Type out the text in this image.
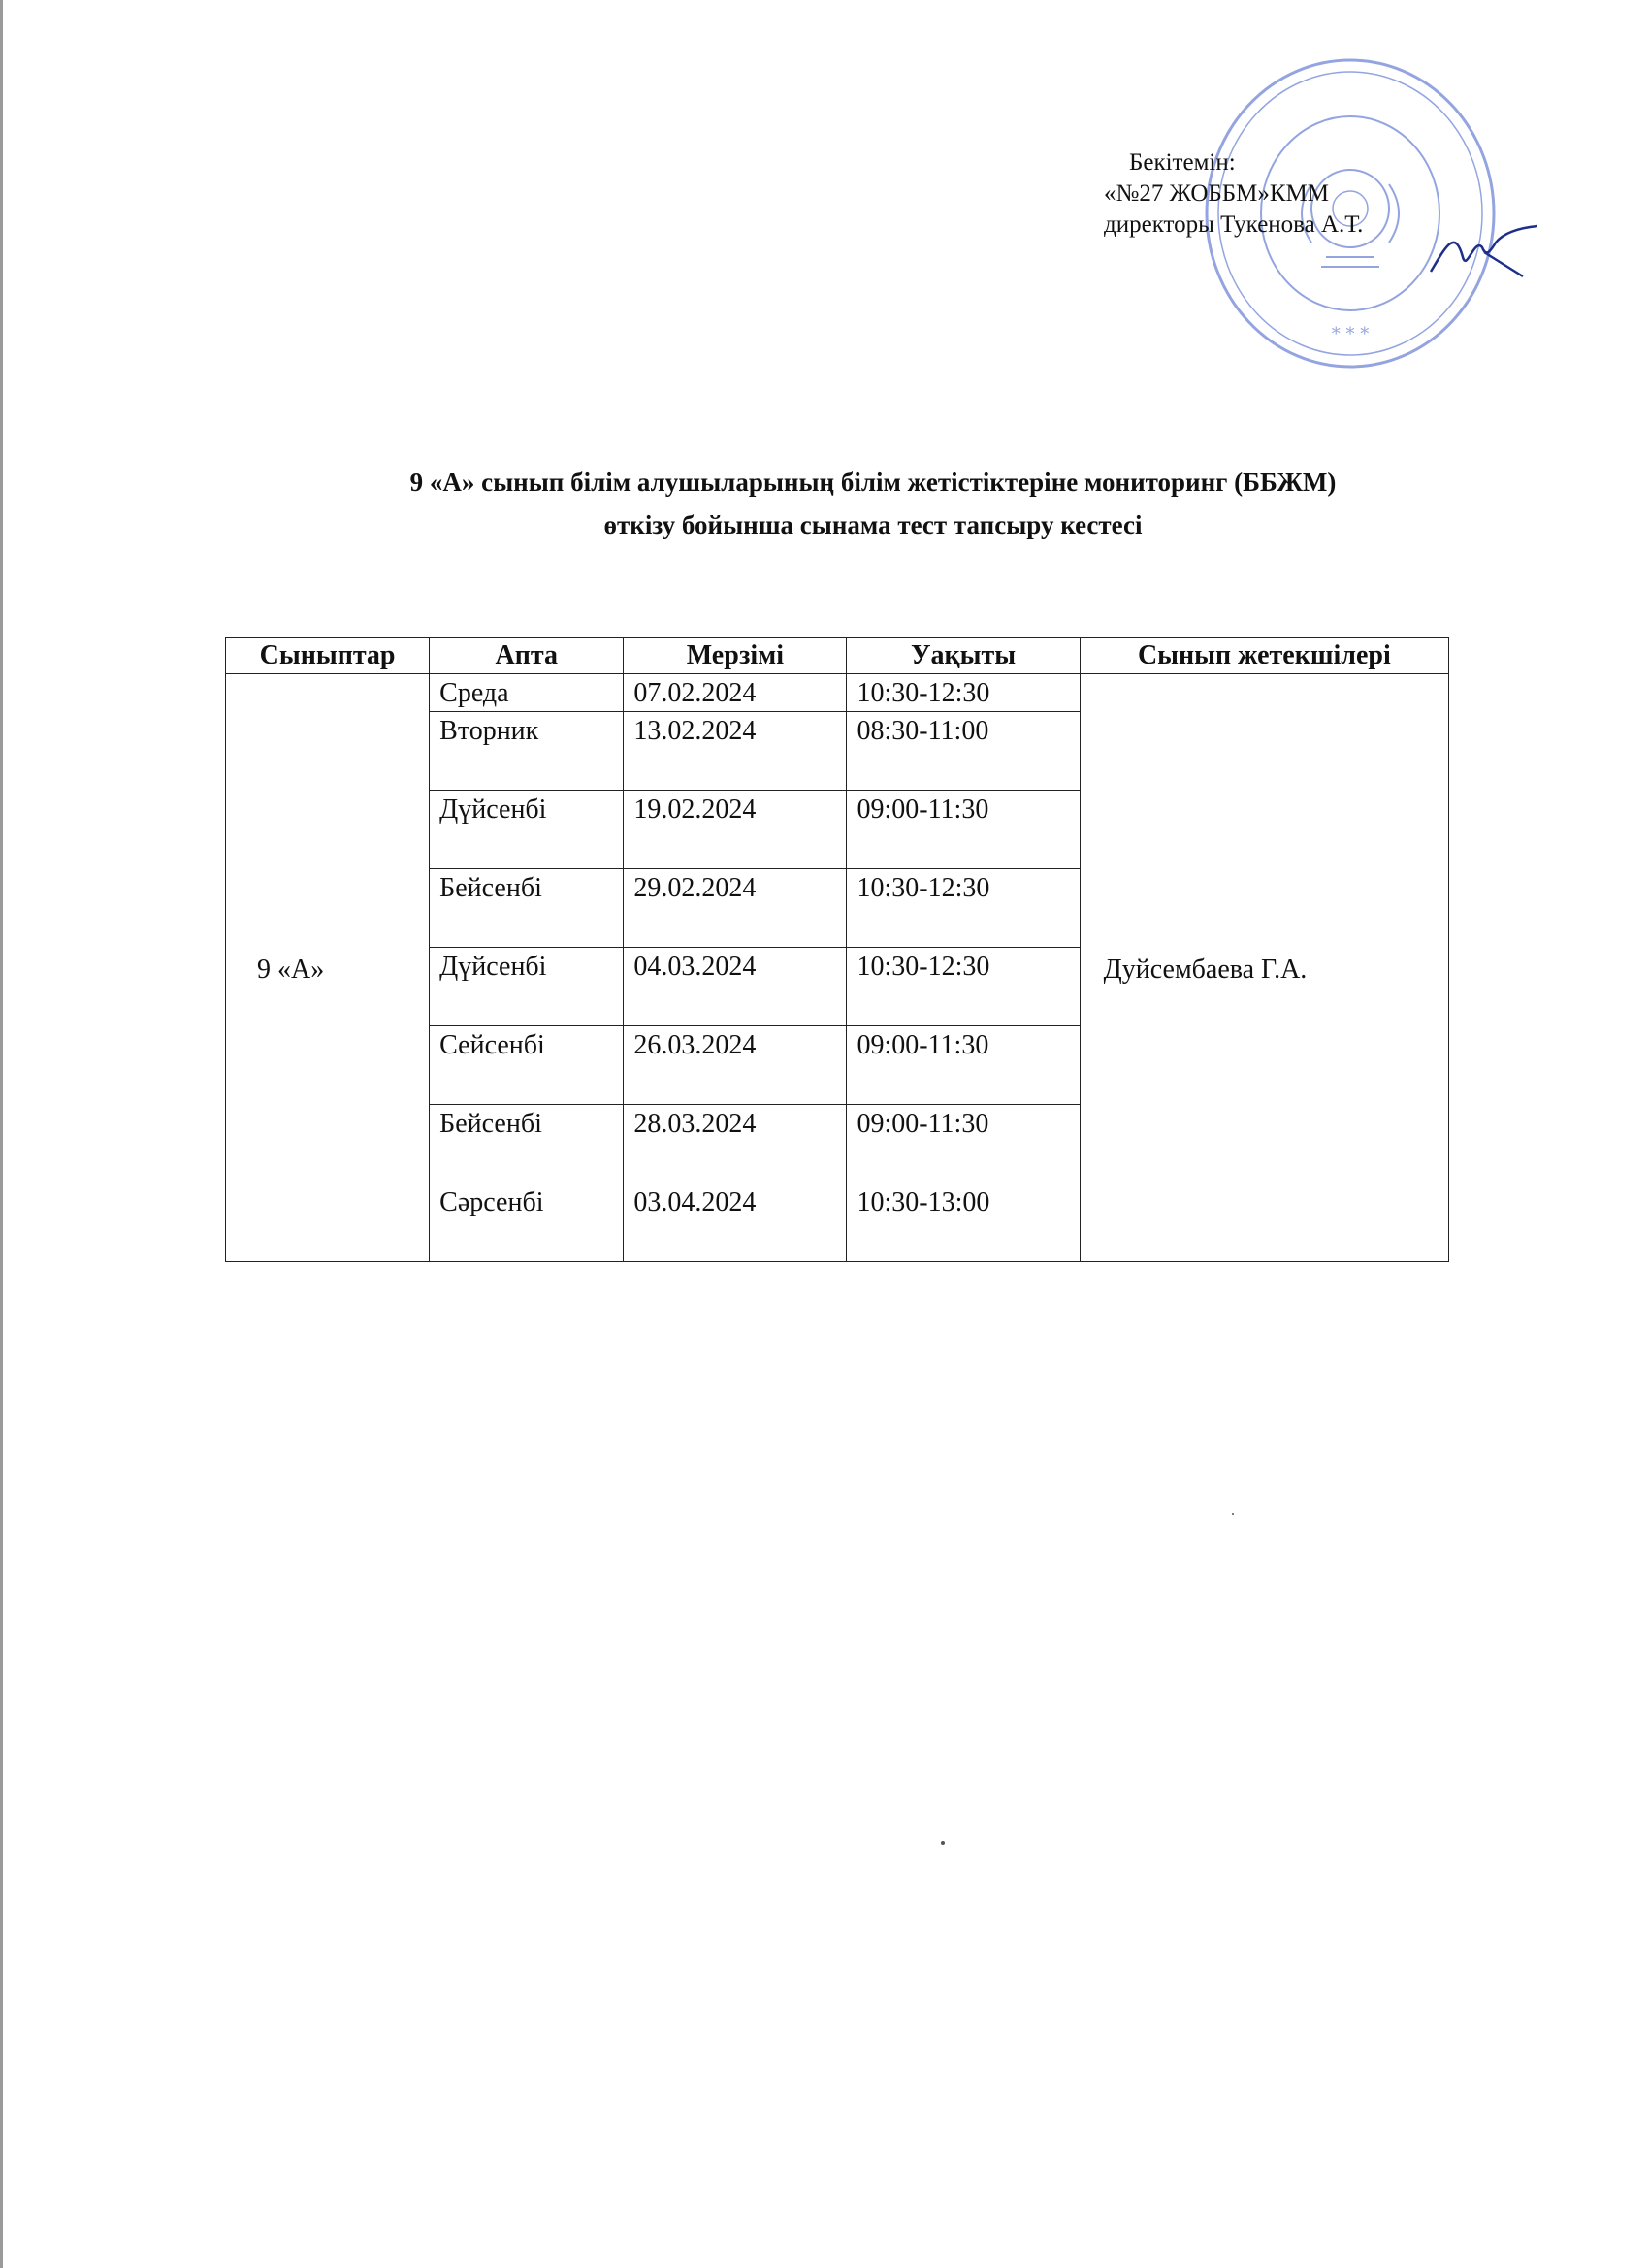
* * *
Бекітемін:
«№27 ЖОББМ»КММ
директоры Тукенова А.Т.
9 «А» сынып білім алушыларының білім жетістіктеріне мониторинг (ББЖМ)
өткізу бойынша сынама тест тапсыру кестесі
Сыныптар	Апта	Мерзімі	Уақыты	Сынып жетекшілері
9 «А»	Среда	07.02.2024	10:30-12:30	Дуйсембаева Г.А.
	Вторник	13.02.2024	08:30-11:00	
	Дүйсенбі	19.02.2024	09:00-11:30	
	Бейсенбі	29.02.2024	10:30-12:30	
	Дүйсенбі	04.03.2024	10:30-12:30	
	Сейсенбі	26.03.2024	09:00-11:30	
	Бейсенбі	28.03.2024	09:00-11:30	
	Сәрсенбі	03.04.2024	10:30-13:00	
